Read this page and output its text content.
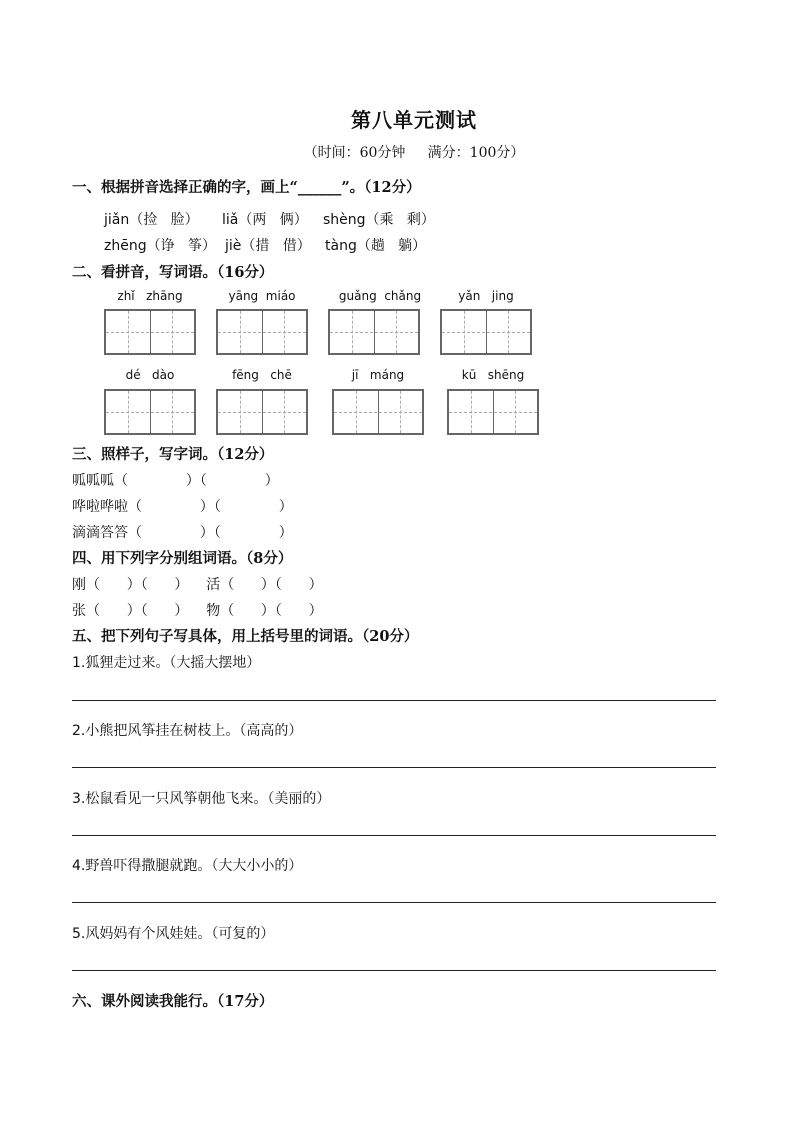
第八单元测试
（时间：60分钟     满分：100分）
一、根据拼音选择正确的字，画上“______”。（12分）
jiǎn（捡   脸） liǎ（两   俩） shèng（乘   剩）
zhēng（诤   筝） jiè（措   借） tàng（趟   躺）
二、看拼音，写词语。（16分）
zhǐ   zhāng	yāng  miáo	guǎng  chǎng	yǎn   jing
dé   dào	fēng   chē	jī   máng	kū   shēng
三、照样子，写字词。（12分）
呱呱呱（             ）（             ）
哗啦哗啦（             ）（             ）
滴滴答答（             ）（             ）
四、用下列字分别组词语。（8分）
刚（      ）（      ）    活（      ）（      ）
张（      ）（      ）    物（      ）（      ）
五、把下列句子写具体，用上括号里的词语。（20分）
1.狐狸走过来。（大摇大摆地）
2.小熊把风筝挂在树枝上。（高高的）
3.松鼠看见一只风筝朝他飞来。（美丽的）
4.野兽吓得撒腿就跑。（大大小小的）
5.风妈妈有个风娃娃。（可复的）
六、课外阅读我能行。（17分）
